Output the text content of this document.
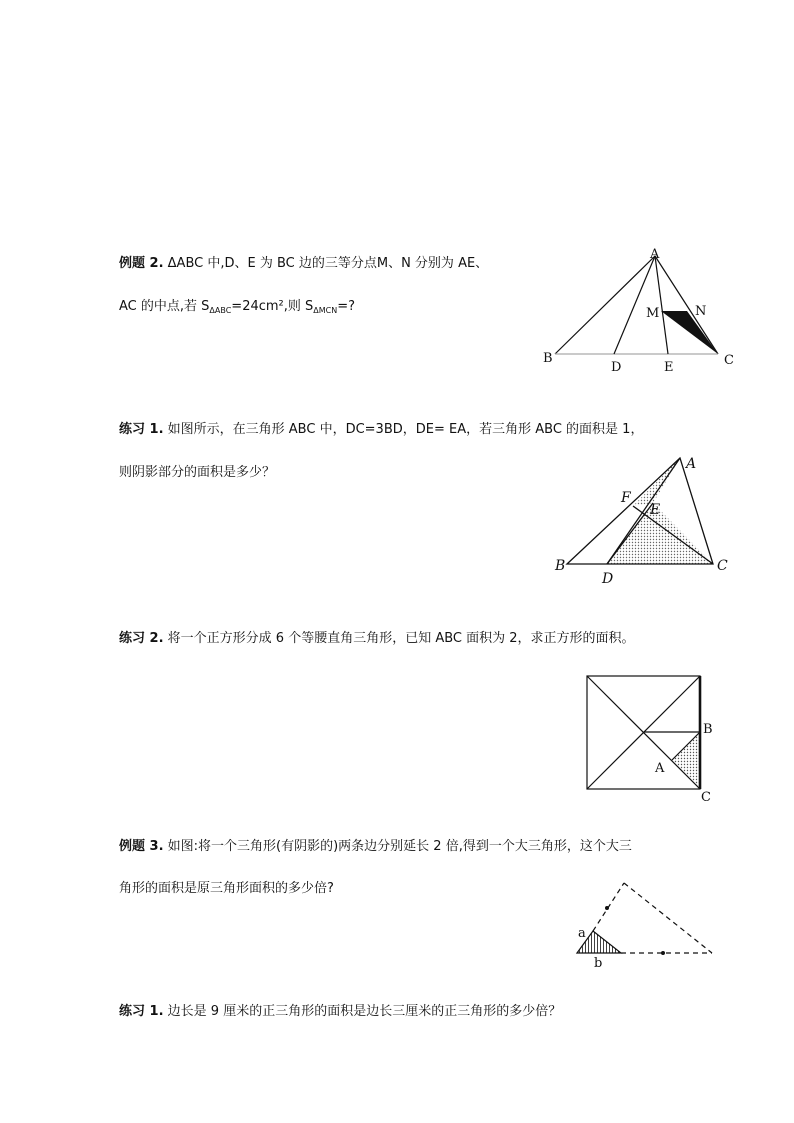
例题 2. ΔABC 中,D、E 为 BC 边的三等分点M、N 分别为 AE、
AC 的中点,若 $S_{\Delta ABC}=24cm^2$,则 $S_{\Delta MCN}=$?
A
B	C
D	E
M	N
练习 1. 如图所示，在三角形 ABC 中，DC=3BD，DE= EA，若三角形 ABC 的面积是 1，
则阴影部分的面积是多少？
A
B	C
D
E
F
练习 2. 将一个正方形分成 6 个等腰直角三角形，已知 ABC 面积为 2，求正方形的面积。
B
A
C
例题 3. 如图:将一个三角形(有阴影的)两条边分别延长 2 倍,得到一个大三角形，这个大三
角形的面积是原三角形面积的多少倍?
a
b
练习 1. 边长是 9 厘米的正三角形的面积是边长三厘米的正三角形的多少倍？
